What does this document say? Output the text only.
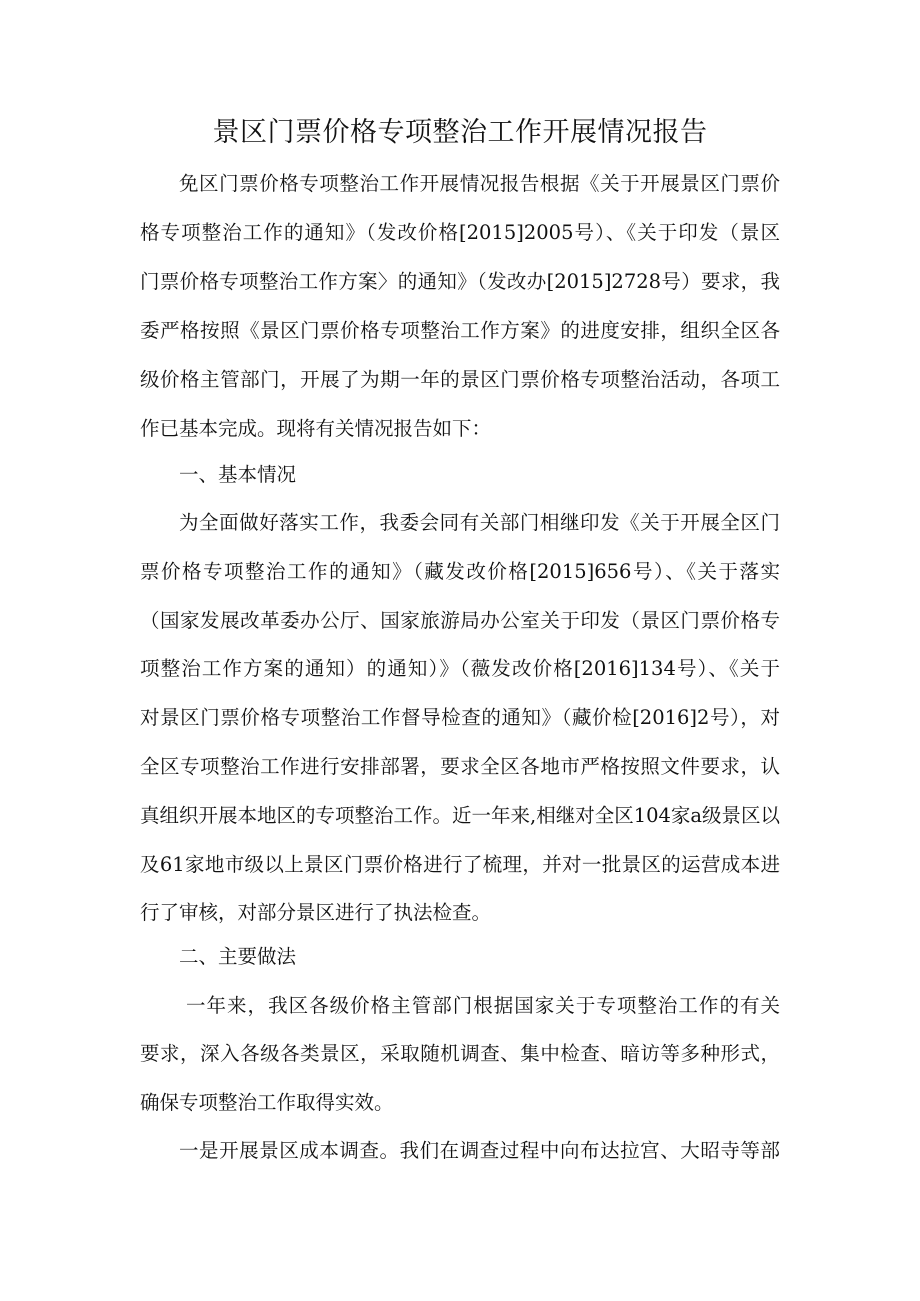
景区门票价格专项整治工作开展情况报告
免区门票价格专项整治工作开展情况报告根据《关于开展景区门票价
格专项整治工作的通知》（发改价格[2015]2005号）、《关于印发（景区
门票价格专项整治工作方案〉的通知》（发改办[2015]2728号）要求，我
委严格按照《景区门票价格专项整治工作方案》的进度安排，组织全区各
级价格主管部门，开展了为期一年的景区门票价格专项整治活动，各项工
作已基本完成。现将有关情况报告如下：
一、基本情况
为全面做好落实工作，我委会同有关部门相继印发《关于开展全区门
票价格专项整治工作的通知》（藏发改价格[2015]656号）、《关于落实
（国家发展改革委办公厅、国家旅游局办公室关于印发（景区门票价格专
项整治工作方案的通知）的通知）》（薇发改价格[2016]134号）、《关于
对景区门票价格专项整治工作督导检查的通知》（藏价检[2016]2号），对
全区专项整治工作进行安排部署，要求全区各地市严格按照文件要求，认
真组织开展本地区的专项整治工作。近一年来,相继对全区104家a级景区以
及61家地市级以上景区门票价格进行了梳理，并对一批景区的运营成本进
行了审核，对部分景区进行了执法检查。
二、主要做法
一年来，我区各级价格主管部门根据国家关于专项整治工作的有关
要求，深入各级各类景区，采取随机调查、集中检查、暗访等多种形式，
确保专项整治工作取得实效。
一是开展景区成本调查。我们在调查过程中向布达拉宫、大昭寺等部
